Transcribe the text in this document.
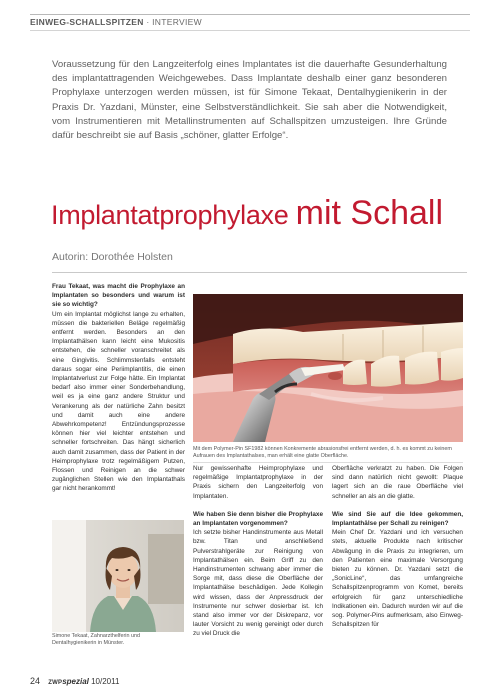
EINWEG-SCHALLSPITZEN · INTERVIEW

Voraussetzung für den Langzeiterfolg eines Implantates ist die dauerhafte Gesunderhaltung des implantattragenden Weichgewebes. Dass Implantate deshalb einer ganz besonderen Prophylaxe unterzogen werden müssen, ist für Simone Tekaat, Dentalhygienikerin in der Praxis Dr. Yazdani, Münster, eine Selbstverständlichkeit. Sie sah aber die Notwendigkeit, vom Instrumentieren mit Metallinstrumenten auf Schallspitzen umzusteigen. Ihre Gründe dafür beschreibt sie auf Basis „schöner, glatter Erfolge“.

Implantatprophylaxe mit Schall
Autorin: Dorothée Holsten
Frau Tekaat, was macht die Prophylaxe an Implantaten so besonders und warum ist sie so wichtig?
Um ein Implantat möglichst lange zu erhalten, müssen die bakteriellen Beläge regelmäßig entfernt werden. Besonders an den Implantathälsen kann leicht eine Mukositis entstehen, die schneller voranschreitet als eine Gingivitis. Schlimmstenfalls entsteht daraus sogar eine Periimplantitis, die einen Implantatverlust zur Folge hätte. Ein Implantat bedarf also immer einer Sonderbehandlung, weil es ja eine ganz andere Struktur und Verankerung als der natürliche Zahn besitzt und damit auch eine andere Abwehrkompetenz! Entzündungsprozesse können hier viel leichter entstehen und schneller fortschreiten. Das hängt sicherlich auch damit zusammen, dass der Patient in der Heimprophylaxe trotz regelmäßigem Putzen, Flossen und Reinigen an die schwer zugänglichen Stellen wie den Implantathals gar nicht herankommt!

Mit dem Polymer-Pin SF1982 können Konkremente abrasionsfrei entfernt werden, d. h. es kommt zu keinem Aufrauen des Implantathalses, man erhält eine glatte Oberfläche.

Nur gewissenhafte Heimprophylaxe und regelmäßige Implantatprophylaxe in der Praxis sichern den Langzeiterfolg von Implantaten.
Wie haben Sie denn bisher die Prophylaxe an Implantaten vorgenommen?
Ich setzte bisher Handinstrumente aus Metall bzw. Titan und anschließend Pulverstrahlgeräte zur Reinigung von Implantathälsen ein. Beim Griff zu den Handinstrumenten schwang aber immer die Sorge mit, dass diese die Oberfläche der Implantathälse beschädigen. Jede Kollegin wird wissen, dass der Anpressdruck der Instrumente nur schwer dosierbar ist. Ich stand also immer vor der Diskrepanz, vor lauter Vorsicht zu wenig gereinigt oder durch zu viel Druck die
Oberfläche verkratzt zu haben. Die Folgen sind dann natürlich nicht gewollt: Plaque lagert sich an die raue Oberfläche viel schneller an als an die glatte.
Wie sind Sie auf die Idee gekommen, Implantathälse per Schall zu reinigen?
Mein Chef Dr. Yazdani und ich versuchen stets, aktuelle Produkte nach kritischer Abwägung in die Praxis zu integrieren, um den Patienten eine maximale Versorgung bieten zu können. Dr. Yazdani setzt die „SonicLine“, das umfangreiche Schallspitzenprogramm von Komet, bereits erfolgreich für ganz unterschiedliche Indikationen ein. Dadurch wurden wir auf die sog. Polymer-Pins aufmerksam, also Einweg-Schallspitzen für

Simone Tekaat, Zahnarzthelferin und Dentalhygienikerin in Münster.

24 ZWPspezial 10/2011
